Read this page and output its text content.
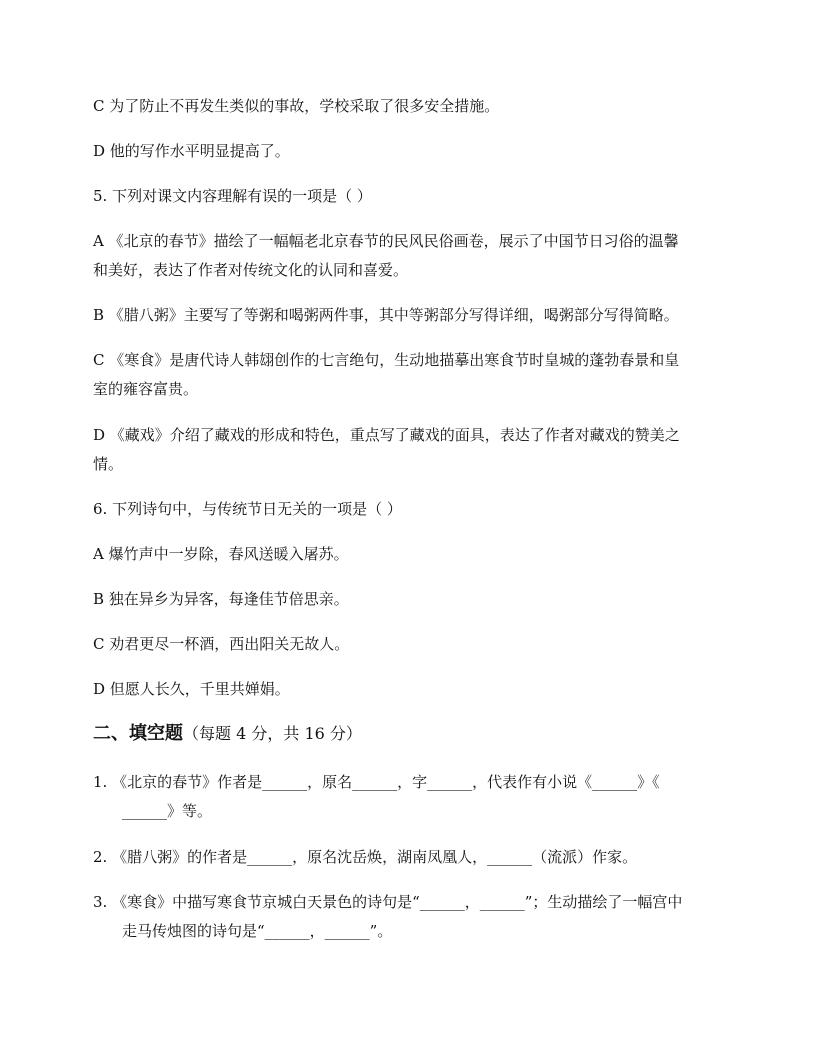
C 为了防止不再发生类似的事故，学校采取了很多安全措施。
D 他的写作水平明显提高了。
5. 下列对课文内容理解有误的一项是（ ）
A 《北京的春节》描绘了一幅幅老北京春节的民风民俗画卷，展示了中国节日习俗的温馨
和美好，表达了作者对传统文化的认同和喜爱。
B 《腊八粥》主要写了等粥和喝粥两件事，其中等粥部分写得详细，喝粥部分写得简略。
C 《寒食》是唐代诗人韩翃创作的七言绝句，生动地描摹出寒食节时皇城的蓬勃春景和皇
室的雍容富贵。
D 《藏戏》介绍了藏戏的形成和特色，重点写了藏戏的面具，表达了作者对藏戏的赞美之
情。
6. 下列诗句中，与传统节日无关的一项是（ ）
A 爆竹声中一岁除，春风送暖入屠苏。
B 独在异乡为异客，每逢佳节倍思亲。
C 劝君更尽一杯酒，西出阳关无故人。
D 但愿人长久，千里共婵娟。
二、填空题（每题 4 分，共 16 分）
1. 《北京的春节》作者是______，原名______，字______，代表作有小说《______》《
______》等。
2. 《腊八粥》的作者是______，原名沈岳焕，湖南凤凰人，______（流派）作家。
3. 《寒食》中描写寒食节京城白天景色的诗句是“______，______”；生动描绘了一幅宫中
走马传烛图的诗句是“______，______”。
